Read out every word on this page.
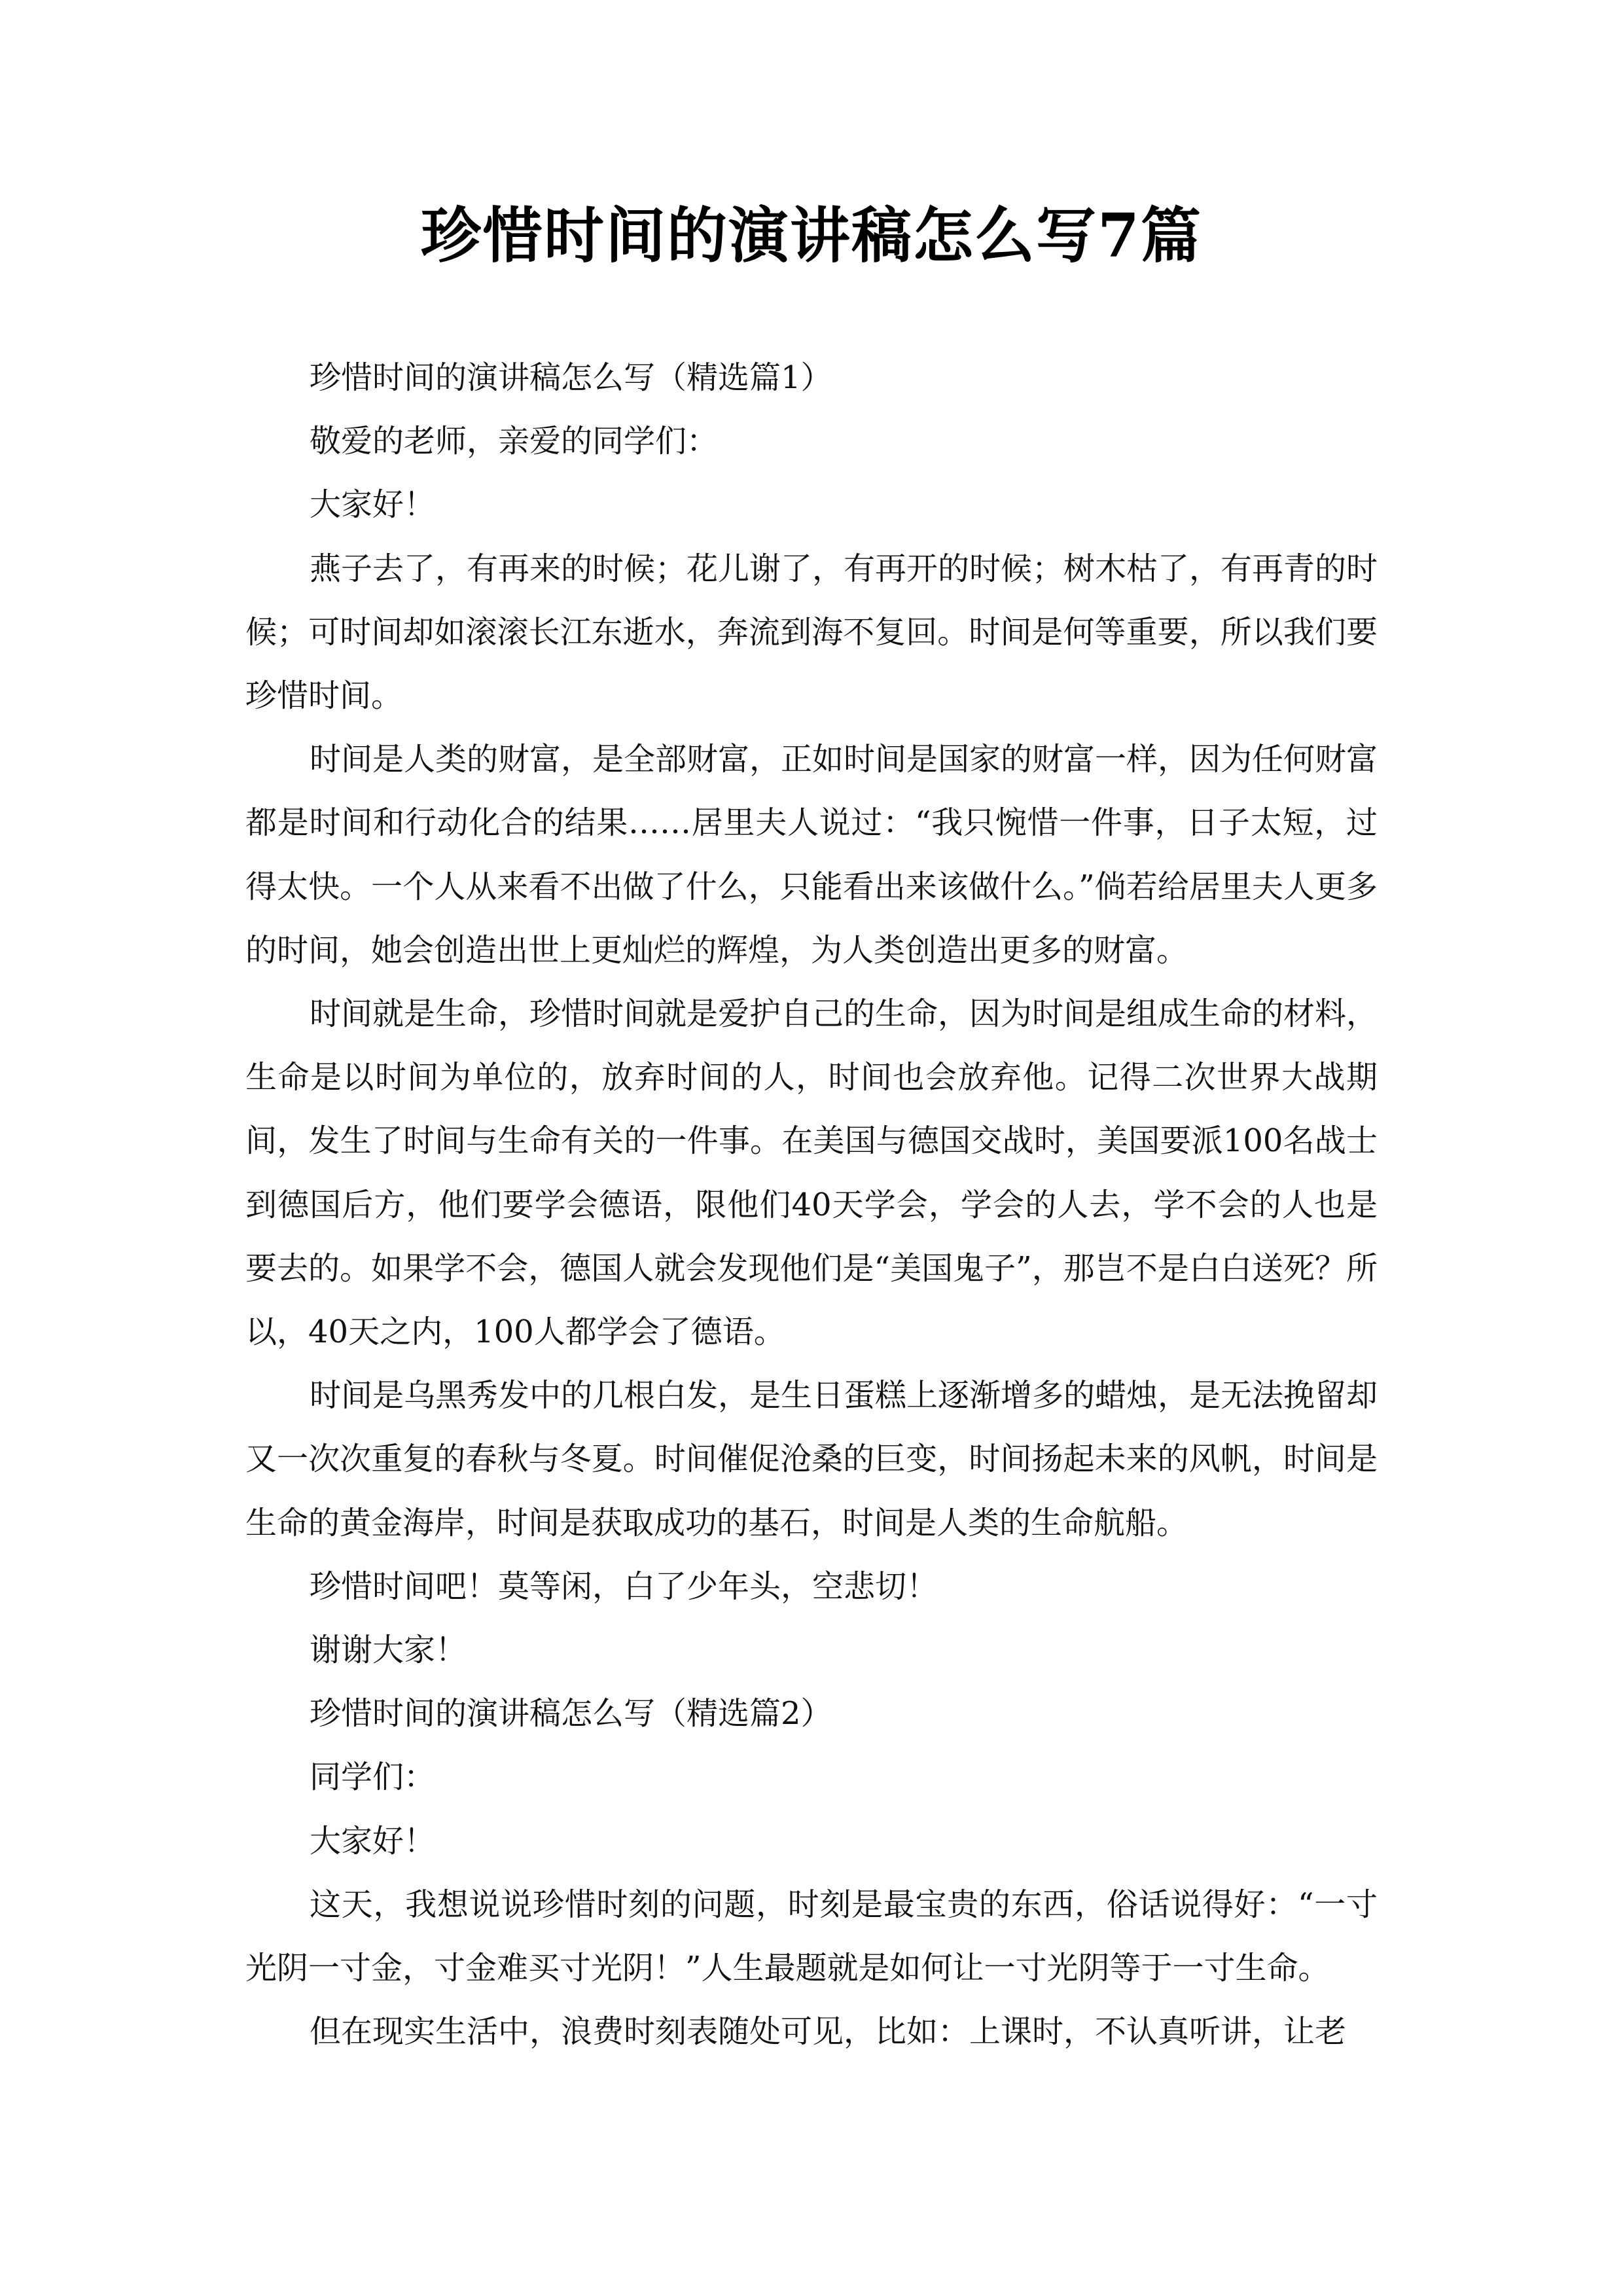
珍惜时间的演讲稿怎么写7篇

珍惜时间的演讲稿怎么写（精选篇1）

敬爱的老师，亲爱的同学们：

大家好！

燕子去了，有再来的时候；花儿谢了，有再开的时候；树木枯了，有再青的时候；可时间却如滚滚长江东逝水，奔流到海不复回。时间是何等重要，所以我们要珍惜时间。

时间是人类的财富，是全部财富，正如时间是国家的财富一样，因为任何财富都是时间和行动化合的结果……居里夫人说过：“我只惋惜一件事，日子太短，过得太快。一个人从来看不出做了什么，只能看出来该做什么。”倘若给居里夫人更多的时间，她会创造出世上更灿烂的辉煌，为人类创造出更多的财富。

时间就是生命，珍惜时间就是爱护自己的生命，因为时间是组成生命的材料，生命是以时间为单位的，放弃时间的人，时间也会放弃他。记得二次世界大战期间，发生了时间与生命有关的一件事。在美国与德国交战时，美国要派100名战士到德国后方，他们要学会德语，限他们40天学会，学会的人去，学不会的人也是要去的。如果学不会，德国人就会发现他们是“美国鬼子”，那岂不是白白送死？所以，40天之内，100人都学会了德语。

时间是乌黑秀发中的几根白发，是生日蛋糕上逐渐增多的蜡烛，是无法挽留却又一次次重复的春秋与冬夏。时间催促沧桑的巨变，时间扬起未来的风帆，时间是生命的黄金海岸，时间是获取成功的基石，时间是人类的生命航船。

珍惜时间吧！莫等闲，白了少年头，空悲切！

谢谢大家！

珍惜时间的演讲稿怎么写（精选篇2）

同学们：

大家好！

这天，我想说说珍惜时刻的问题，时刻是最宝贵的东西，俗话说得好：“一寸光阴一寸金，寸金难买寸光阴！”人生最题就是如何让一寸光阴等于一寸生命。

但在现实生活中，浪费时刻表随处可见，比如：上课时，不认真听讲，让老
